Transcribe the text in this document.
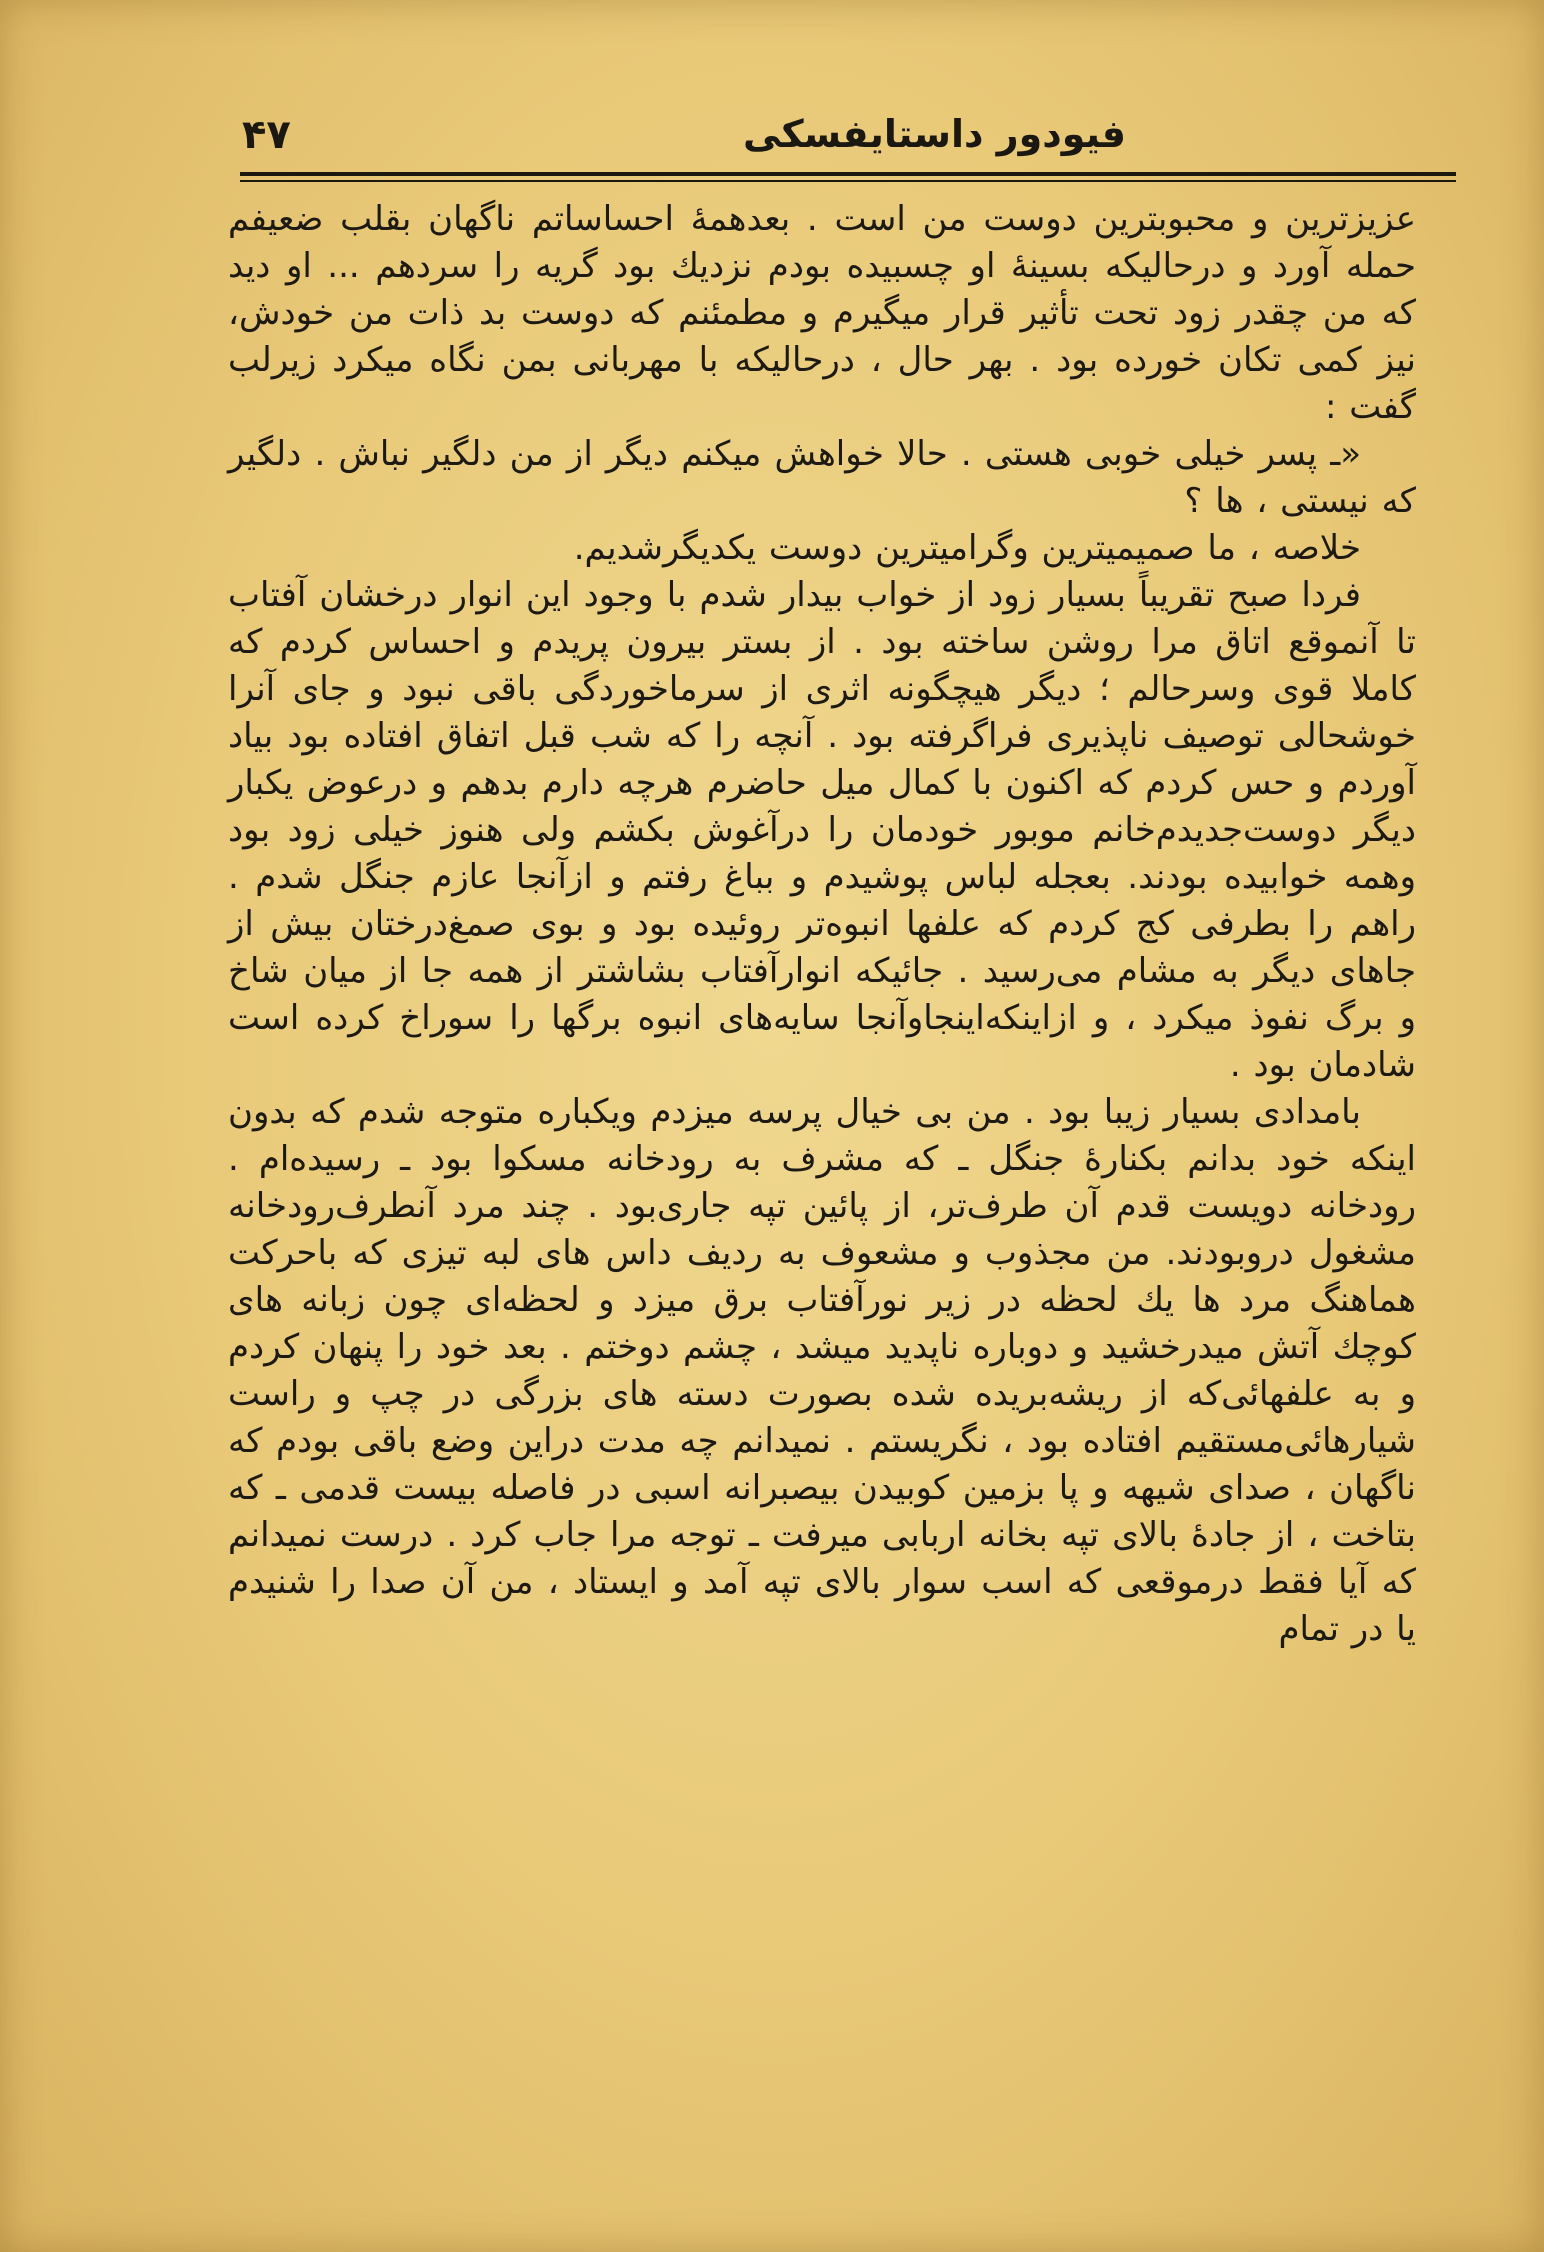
فیودور داستایفسکی
۴۷

عزیزترین و محبوبترین دوست من است . بعدهمهٔ احساساتم ناگهان بقلب ضعیفم حمله آورد و درحالیکه بسینهٔ او چسبیده بودم نزدیك بود گریه را سردهم ... او دید که من چقدر زود تحت تأثیر قرار میگیرم و مطمئنم که دوست بد ذات من خودش، نیز کمی تکان خورده بود . بهر حال ، درحالیکه با مهربانی بمن نگاه میکرد زیرلب گفت :

«ـ پسر خیلی خوبی هستی . حالا خواهش میکنم دیگر از من دلگیر نباش . دلگیر که نیستی ، ها ؟

خلاصه ، ما صمیمیترین وگرامیترین دوست یکدیگرشدیم.

فردا صبح تقریباً بسیار زود از خواب بیدار شدم با وجود این انوار درخشان آفتاب تا آنموقع اتاق مرا روشن ساخته بود . از بستر بیرون پریدم و احساس کردم که کاملا قوی وسرحالم ؛ دیگر هیچگونه اثری از سرماخوردگی باقی نبود و جای آنرا خوشحالی توصیف ناپذیری فراگرفته بود . آنچه را که شب قبل اتفاق افتاده بود بیاد آوردم و حس کردم که اکنون با کمال میل حاضرم هرچه دارم بدهم و درعوض یکبار دیگر دوست‌جدیدم‌خانم موبور خودمان را درآغوش بکشم ولی هنوز خیلی زود بود وهمه خوابیده بودند. بعجله لباس پوشیدم و بباغ رفتم و ازآنجا عازم جنگل شدم . راهم را بطرفی کج کردم که علفها انبوه‌تر روئیده بود و بوی صمغ‌درختان بیش از جاهای دیگر به مشام می‌رسید . جائیکه انوارآفتاب بشاشتر از همه جا از میان شاخ و برگ نفوذ میکرد ، و ازاینکه‌اینجاوآنجا سایه‌های انبوه برگها را سوراخ کرده است شادمان بود .

بامدادی بسیار زیبا بود . من بی خیال پرسه میزدم ویکباره متوجه شدم که بدون اینکه خود بدانم بکنارهٔ جنگل ـ که مشرف به رودخانه مسکوا بود ـ رسیده‌ام . رودخانه دویست قدم آن طرف‌تر، از پائین تپه جاری‌بود . چند مرد آنطرف‌رودخانه مشغول درو‌بودند. من مجذوب و مشعوف به ردیف داس های لبه تیزی که باحرکت هماهنگ مرد ها یك لحظه در زیر نورآفتاب برق میزد و لحظه‌ای چون زبانه های کوچك آتش میدرخشید و دوباره ناپدید میشد ، چشم دوختم . بعد خود را پنهان کردم و به علفهائی‌که از ریشه‌بریده شده بصورت دسته های بزرگی در چپ و راست شیارهائی‌مستقیم افتاده بود ، نگریستم . نمیدانم چه مدت دراین وضع باقی بودم که ناگهان ، صدای شیهه و پا بزمین کوبیدن بیصبرانه اسبی در فاصله بیست قدمی ـ که بتاخت ، از جادهٔ بالای تپه بخانه اربابی میرفت ـ توجه مرا جاب کرد . درست نمیدانم که آیا فقط درموقعی که اسب سوار بالای تپه آمد و ایستاد ، من آن صدا را شنیدم یا در تمام
